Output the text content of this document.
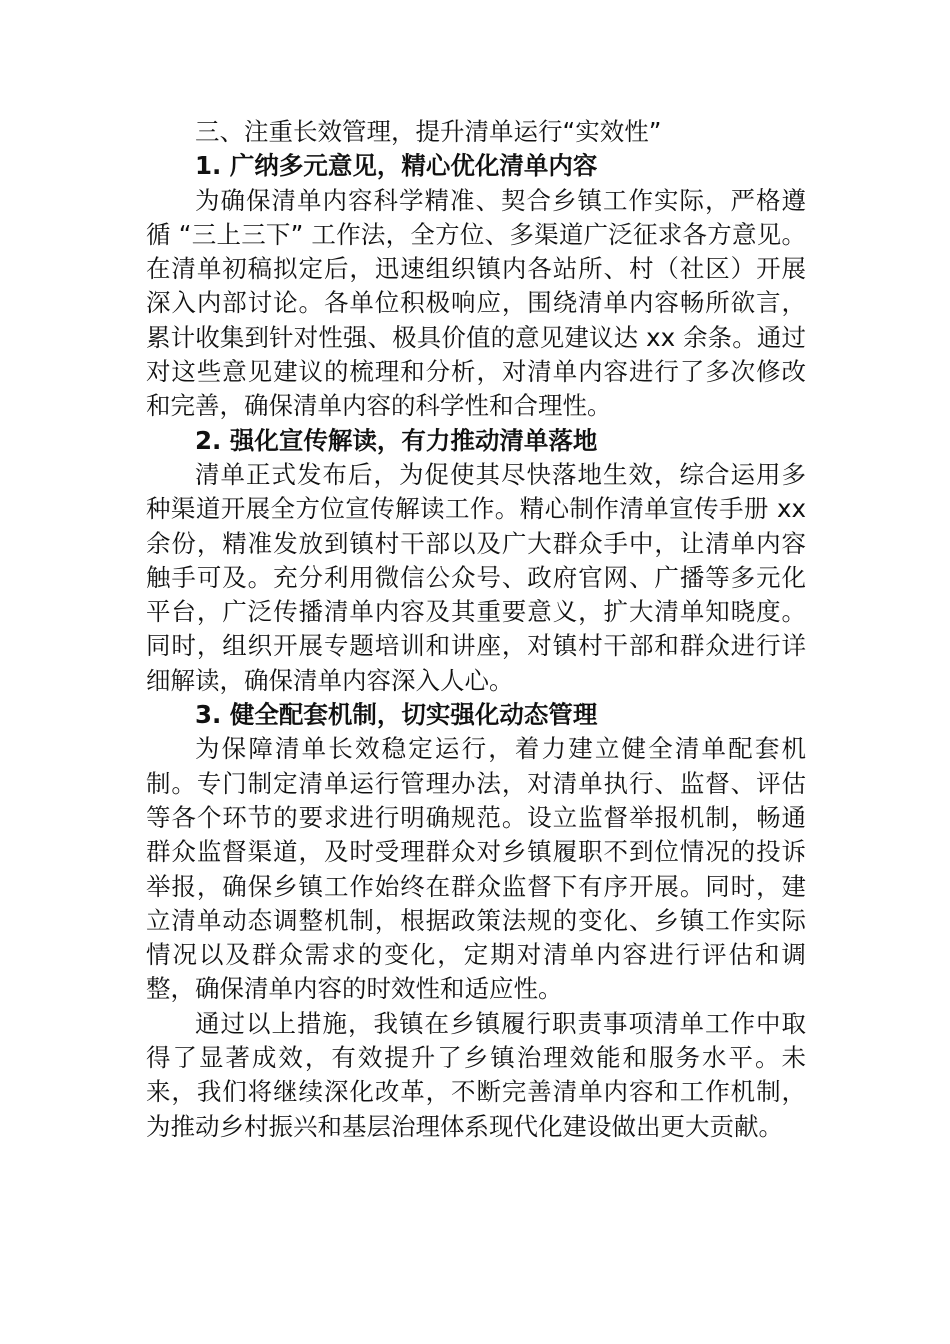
三、注重长效管理，提升清单运行“实效性”

1. 广纳多元意见，精心优化清单内容

为确保清单内容科学精准、契合乡镇工作实际，严格遵循 “三上三下” 工作法，全方位、多渠道广泛征求各方意见。在清单初稿拟定后，迅速组织镇内各站所、村（社区）开展深入内部讨论。各单位积极响应，围绕清单内容畅所欲言，累计收集到针对性强、极具价值的意见建议达 xx 余条。通过对这些意见建议的梳理和分析，对清单内容进行了多次修改和完善，确保清单内容的科学性和合理性。

2. 强化宣传解读，有力推动清单落地

清单正式发布后，为促使其尽快落地生效，综合运用多种渠道开展全方位宣传解读工作。精心制作清单宣传手册 xx 余份，精准发放到镇村干部以及广大群众手中，让清单内容触手可及。充分利用微信公众号、政府官网、广播等多元化平台，广泛传播清单内容及其重要意义，扩大清单知晓度。同时，组织开展专题培训和讲座，对镇村干部和群众进行详细解读，确保清单内容深入人心。

3. 健全配套机制，切实强化动态管理

为保障清单长效稳定运行，着力建立健全清单配套机制。专门制定清单运行管理办法，对清单执行、监督、评估等各个环节的要求进行明确规范。设立监督举报机制，畅通群众监督渠道，及时受理群众对乡镇履职不到位情况的投诉举报，确保乡镇工作始终在群众监督下有序开展。同时，建立清单动态调整机制，根据政策法规的变化、乡镇工作实际情况以及群众需求的变化，定期对清单内容进行评估和调整，确保清单内容的时效性和适应性。

通过以上措施，我镇在乡镇履行职责事项清单工作中取得了显著成效，有效提升了乡镇治理效能和服务水平。未来，我们将继续深化改革，不断完善清单内容和工作机制，为推动乡村振兴和基层治理体系现代化建设做出更大贡献。
